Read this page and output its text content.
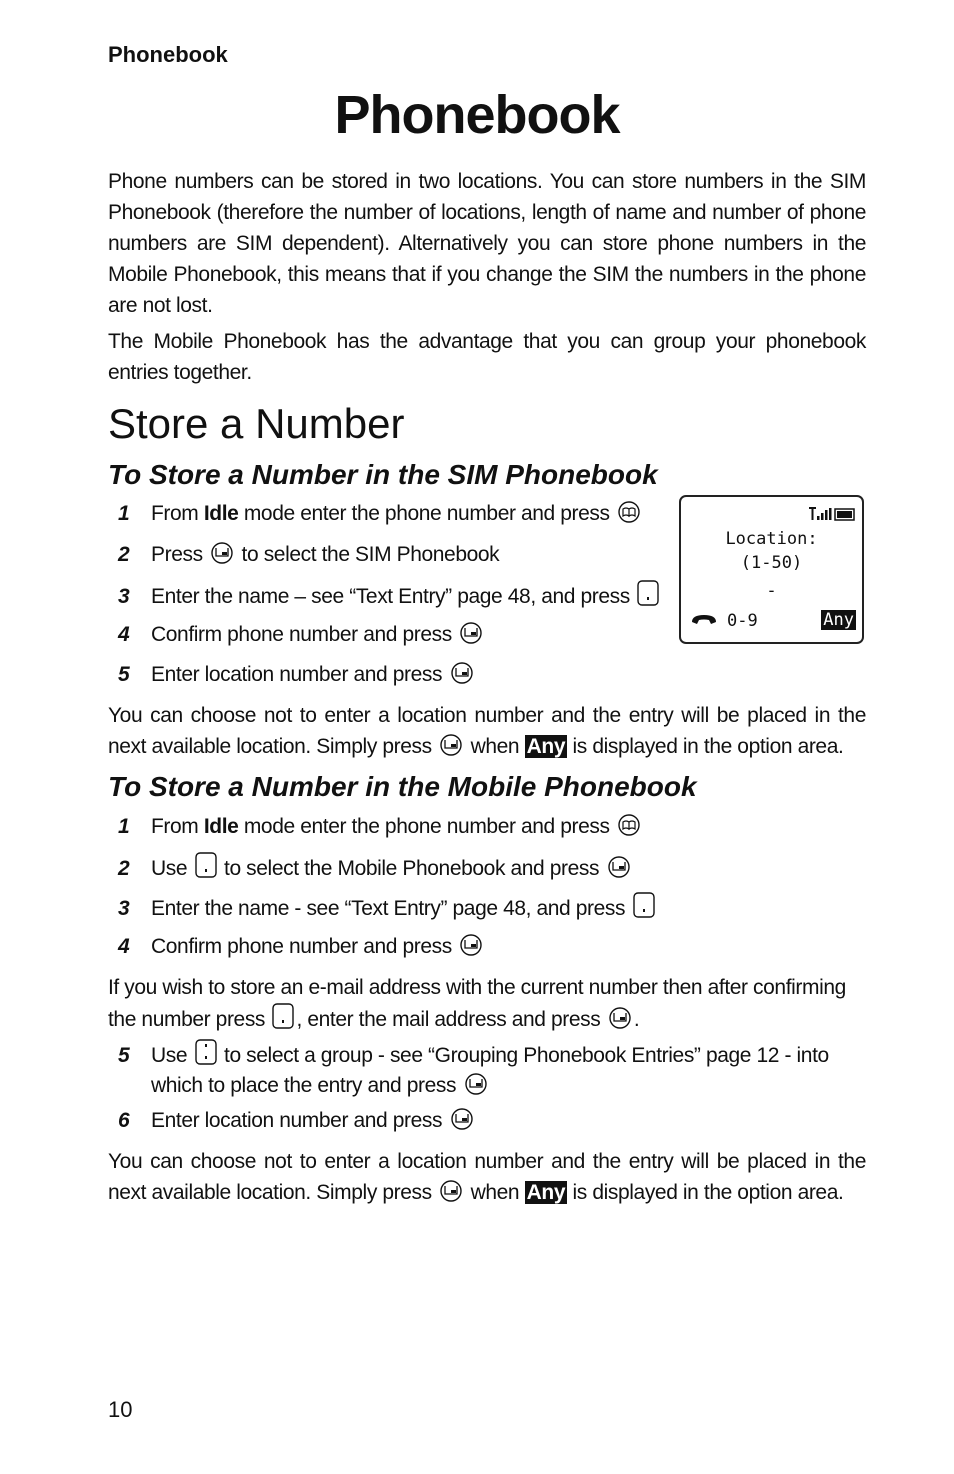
Phonebook
Phonebook
Phone numbers can be stored in two locations. You can store numbers in the SIM Phonebook (therefore the number of locations, length of name and number of phone numbers are SIM dependent). Alternatively you can store phone numbers in the Mobile Phonebook, this means that if you change the SIM the numbers in the phone are not lost.
The Mobile Phonebook has the advantage that you can group your phonebook entries together.
Store a Number
To Store a Number in the SIM Phonebook
1 From Idle mode enter the phone number and press
2 Press  to select the SIM Phonebook
3 Enter the name – see “Text Entry” page 48, and press
4 Confirm phone number and press
5 Enter location number and press
Location:
(1-50)
-
0-9	Any
You can choose not to enter a location number and the entry will be placed in the next available location. Simply press  when Any is displayed in the option area.
To Store a Number in the Mobile Phonebook
1 From Idle mode enter the phone number and press
2 Use  to select the Mobile Phonebook and press
3 Enter the name - see “Text Entry” page 48, and press
4 Confirm phone number and press
If you wish to store an e-mail address with the current number then after confirming
the number press , enter the mail address and press .
5 Use  to select a group - see “Grouping Phonebook Entries” page 12 - into
which to place the entry and press
6 Enter location number and press
You can choose not to enter a location number and the entry will be placed in the next available location. Simply press  when Any is displayed in the option area.
10
